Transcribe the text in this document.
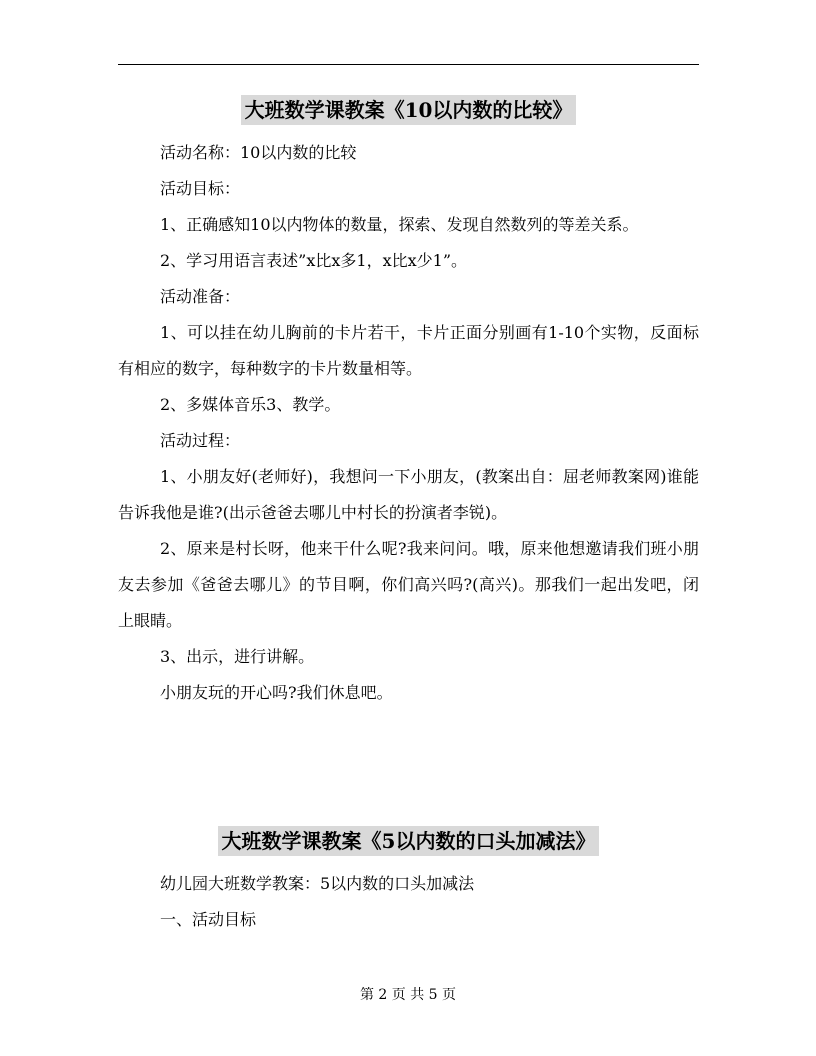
大班数学课教案《10以内数的比较》

活动名称：10以内数的比较

活动目标：

1、正确感知10以内物体的数量，探索、发现自然数列的等差关系。

2、学习用语言表述”x比x多1，x比x少1”。

活动准备：

1、可以挂在幼儿胸前的卡片若干，卡片正面分别画有1-10个实物，反面标有相应的数字，每种数字的卡片数量相等。

2、多媒体音乐3、教学。

活动过程：

1、小朋友好(老师好)，我想问一下小朋友，(教案出自：屈老师教案网)谁能告诉我他是谁?(出示爸爸去哪儿中村长的扮演者李锐)。

2、原来是村长呀，他来干什么呢?我来问问。哦，原来他想邀请我们班小朋友去参加《爸爸去哪儿》的节目啊，你们高兴吗?(高兴)。那我们一起出发吧，闭上眼睛。

3、出示，进行讲解。

小朋友玩的开心吗?我们休息吧。

大班数学课教案《5以内数的口头加减法》

幼儿园大班数学教案：5以内数的口头加减法

一、活动目标

第 2 页 共 5 页
